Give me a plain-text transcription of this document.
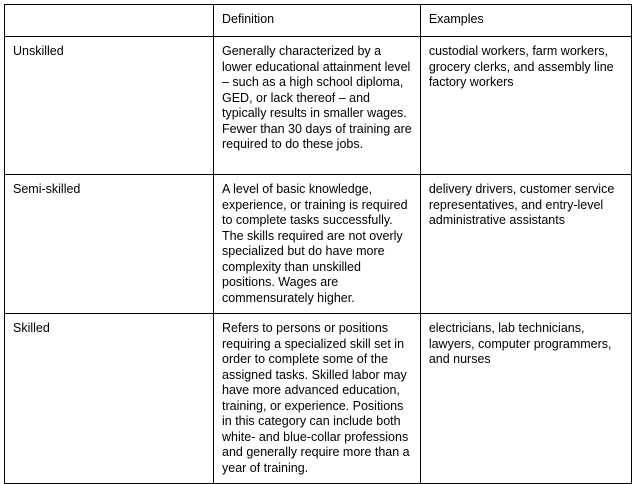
	Definition	Examples
Unskilled	Generally characterized by a lower educational attainment level – such as a high school diploma, GED, or lack thereof – and typically results in smaller wages. Fewer than 30 days of training are required to do these jobs.	custodial workers, farm workers, grocery clerks, and assembly line factory workers
Semi-skilled	A level of basic knowledge, experience, or training is required to complete tasks successfully. The skills required are not overly specialized but do have more complexity than unskilled positions. Wages are commensurately higher.	delivery drivers, customer service representatives, and entry-level administrative assistants
Skilled	Refers to persons or positions requiring a specialized skill set in order to complete some of the assigned tasks. Skilled labor may have more advanced education, training, or experience. Positions in this category can include both white- and blue-collar professions and generally require more than a year of training.	electricians, lab technicians, lawyers, computer programmers, and nurses
